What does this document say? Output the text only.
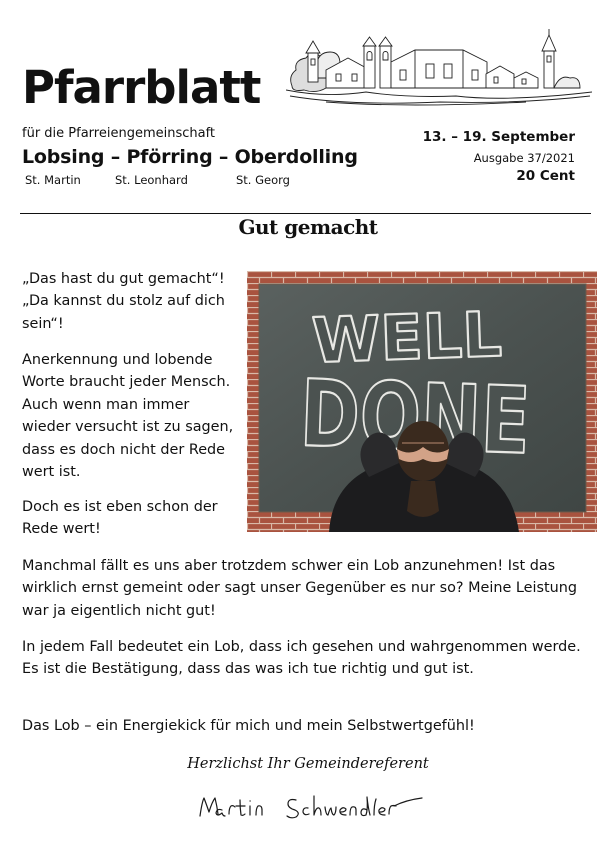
Pfarrblatt
für die Pfarreiengemeinschaft
Lobsing – Pförring – Oberdolling
St. Martin	St. Leonhard	St. Georg
13. – 19. September
Ausgabe 37/2021
20 Cent
Gut gemacht
„Das hast du gut gemacht“! „Da kannst du stolz auf dich sein“!
Anerkennung und lobende Worte braucht jeder Mensch. Auch wenn man immer wieder versucht ist zu sagen, dass es doch nicht der Rede wert ist.
Doch es ist eben schon der Rede wert!
Manchmal fällt es uns aber trotzdem schwer ein Lob anzunehmen! Ist das wirklich ernst gemeint oder sagt unser Gegenüber es nur so? Meine Leistung war ja eigentlich nicht gut!
In jedem Fall bedeutet ein Lob, dass ich gesehen und wahrgenommen werde. Es ist die Bestätigung, dass das was ich tue richtig und gut ist.
Das Lob – ein Energiekick für mich und mein Selbstwertgefühl!
WELL
DONE
Herzlichst Ihr Gemeindereferent
